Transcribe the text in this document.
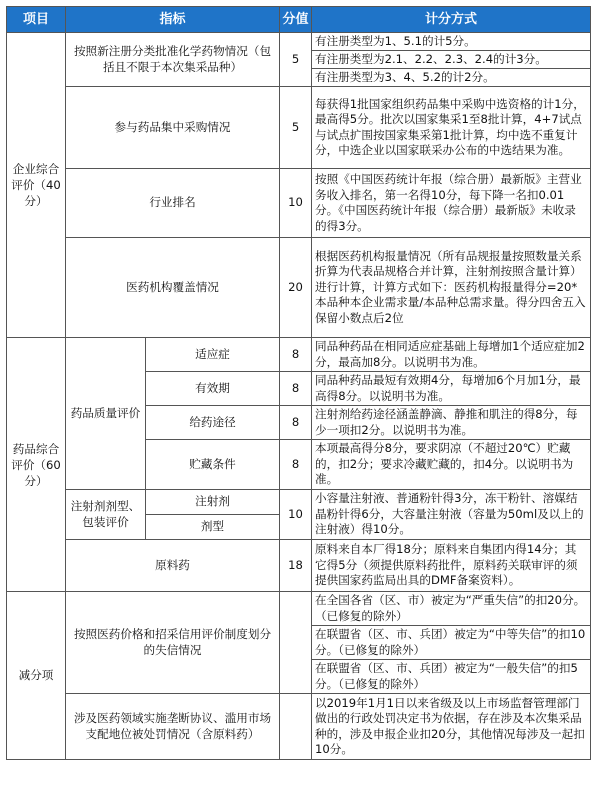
项目	指标		分值	计分方式
企业综合评价（40分）	按照新注册分类批准化学药物情况（包括且不限于本次集采品种）		5	有注册类型为1、5.1的计5分。
				有注册类型为2.1、2.2、2.3、2.4的计3分。
				有注册类型为3、4、5.2的计2分。
	参与药品集中采购情况		5	每获得1批国家组织药品集中采购中选资格的计1分，最高得5分。批次以国家集采1至8批计算，4+7试点与试点扩围按国家集采第1批计算，均中选不重复计分，中选企业以国家联采办公布的中选结果为准。
	行业排名		10	按照《中国医药统计年报（综合册）最新版》主营业务收入排名，第一名得10分，每下降一名扣0.01分。《中国医药统计年报（综合册）最新版》未收录的得3分。
	医药机构覆盖情况		20	根据医药机构报量情况（所有品规报量按照数量关系折算为代表品规格合并计算，注射剂按照含量计算）进行计算，计算方式如下：医药机构报量得分=20*本品种本企业需求量/本品种总需求量。得分四舍五入保留小数点后2位
药品综合评价（60分）	药品质量评价	适应症	8	同品种药品在相同适应症基础上每增加1个适应症加2分，最高加8分。以说明书为准。
		有效期	8	同品种药品最短有效期4分，每增加6个月加1分，最高得8分。以说明书为准。
		给药途径	8	注射剂给药途径涵盖静滴、静推和肌注的得8分，每少一项扣2分。以说明书为准。
		贮藏条件	8	本项最高得分8分，要求阴凉（不超过20℃）贮藏的，扣2分；要求冷藏贮藏的，扣4分。以说明书为准。
	注射剂剂型、包装评价	注射剂	10	小容量注射液、普通粉针得3分，冻干粉针、溶媒结晶粉针得6分，大容量注射液（容量为50ml及以上的注射液）得10分。
		剂型		
	原料药		18	原料来自本厂得18分；原料来自集团内得14分；其它得5分（须提供原料药批件，原料药关联审评的须提供国家药监局出具的DMF备案资料）。
减分项	按照医药价格和招采信用评价制度划分的失信情况			在全国各省（区、市）被定为“严重失信”的扣20分。（已修复的除外）
				在联盟省（区、市、兵团）被定为“中等失信”的扣10分。（已修复的除外）
				在联盟省（区、市、兵团）被定为“一般失信”的扣5分。（已修复的除外）
	涉及医药领域实施垄断协议、滥用市场支配地位被处罚情况（含原料药）			以2019年1月1日以来省级及以上市场监督管理部门做出的行政处罚决定书为依据，存在涉及本次集采品种的，涉及申报企业扣20分，其他情况每涉及一起扣10分。
